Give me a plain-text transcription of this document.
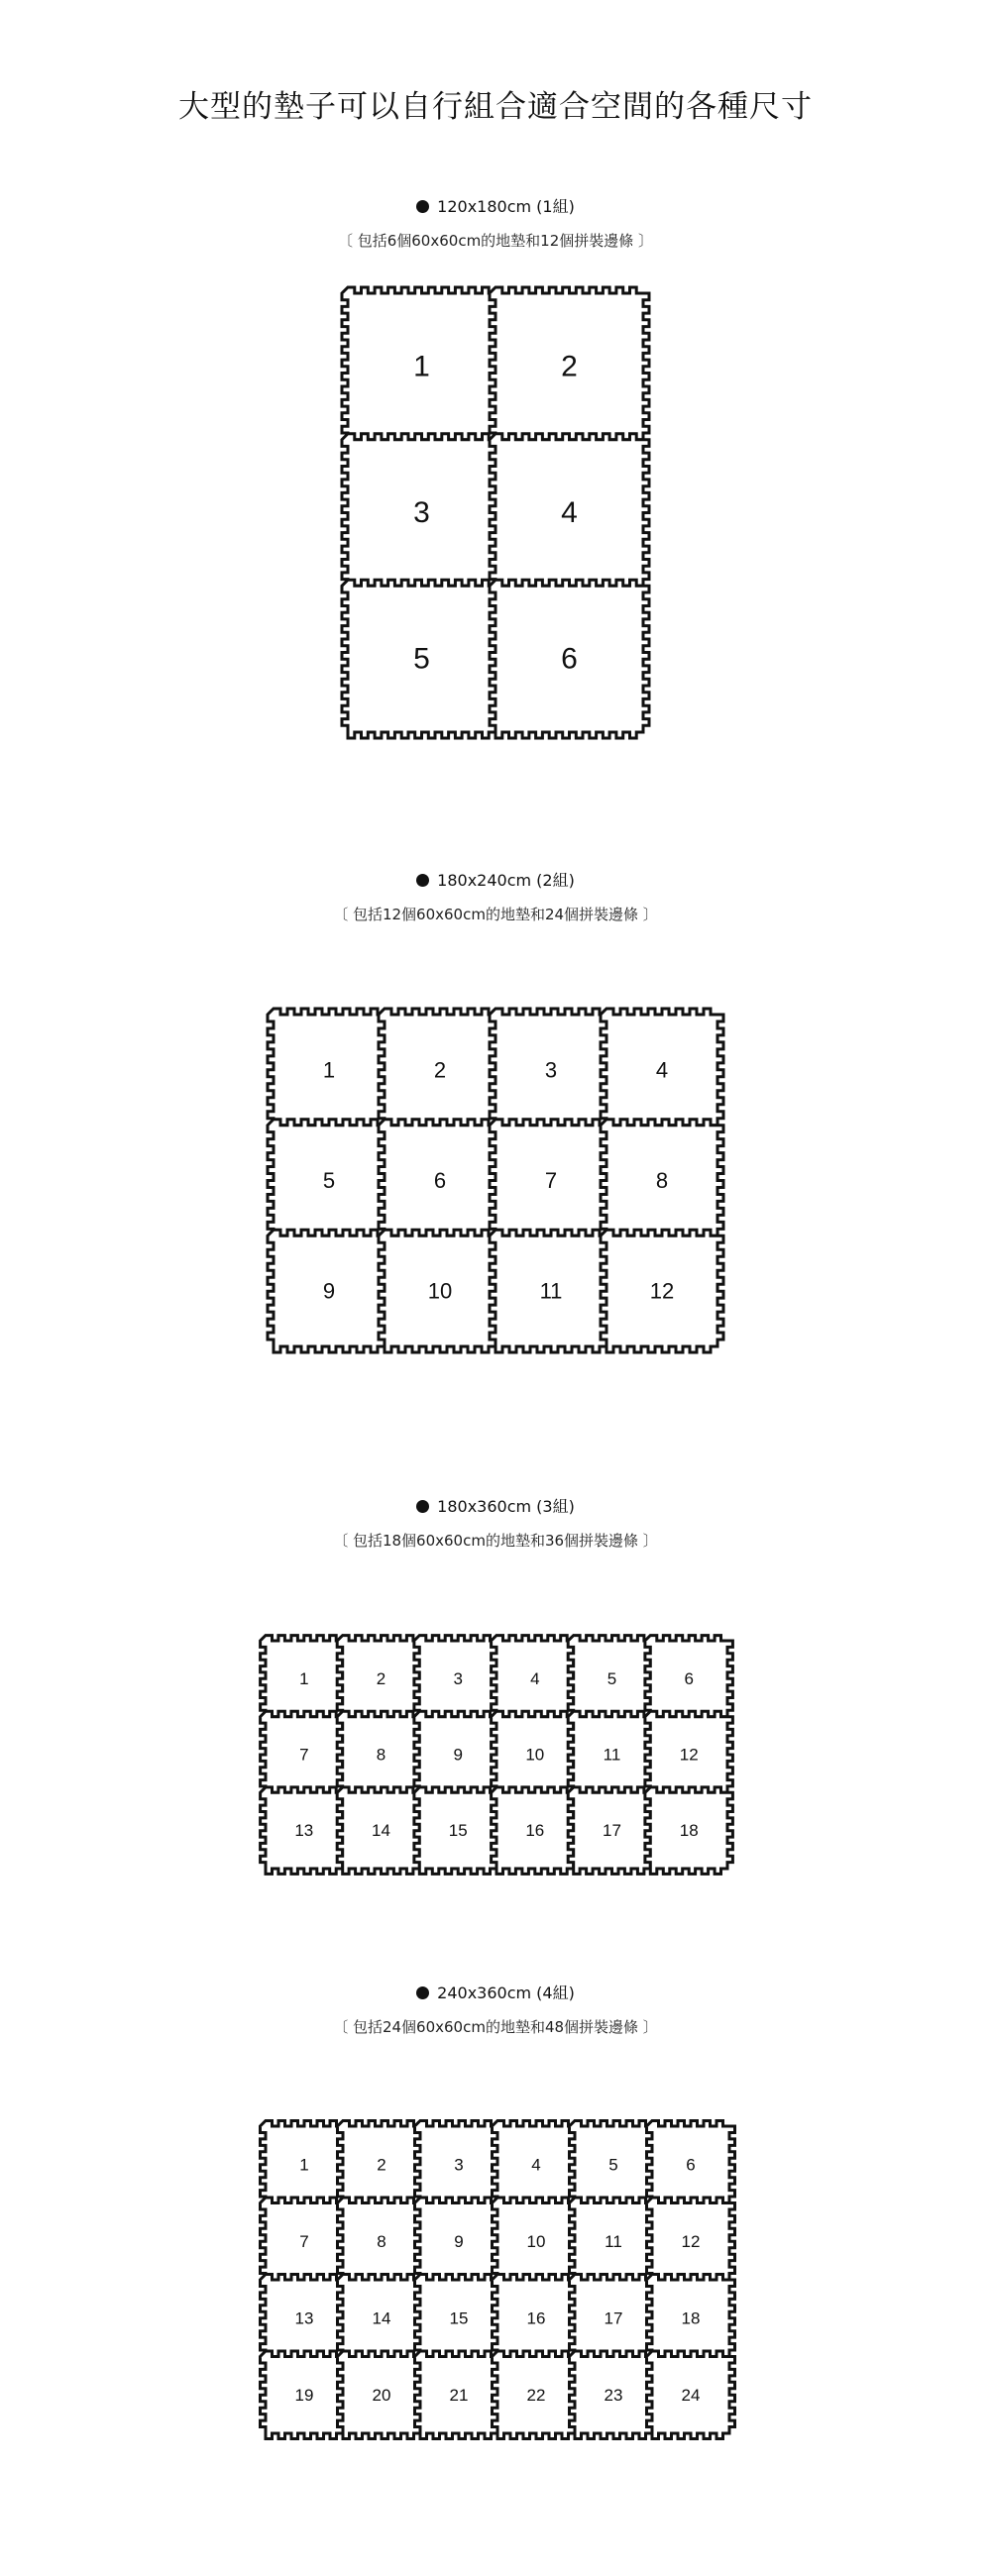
大型的墊子可以自行組合適合空間的各種尺寸
120x180cm (1組)
〔 包括6個60x60cm的地墊和12個拼裝邊條 〕
1	2
3	4
5	6
180x240cm (2組)
〔 包括12個60x60cm的地墊和24個拼裝邊條 〕
1	2	3	4
5	6	7	8
9	10	11	12
180x360cm (3組)
〔 包括18個60x60cm的地墊和36個拼裝邊條 〕
1	2	3	4	5	6
7	8	9	10	11	12
13	14	15	16	17	18
240x360cm (4組)
〔 包括24個60x60cm的地墊和48個拼裝邊條 〕
1	2	3	4	5	6
7	8	9	10	11	12
13	14	15	16	17	18
19	20	21	22	23	24
